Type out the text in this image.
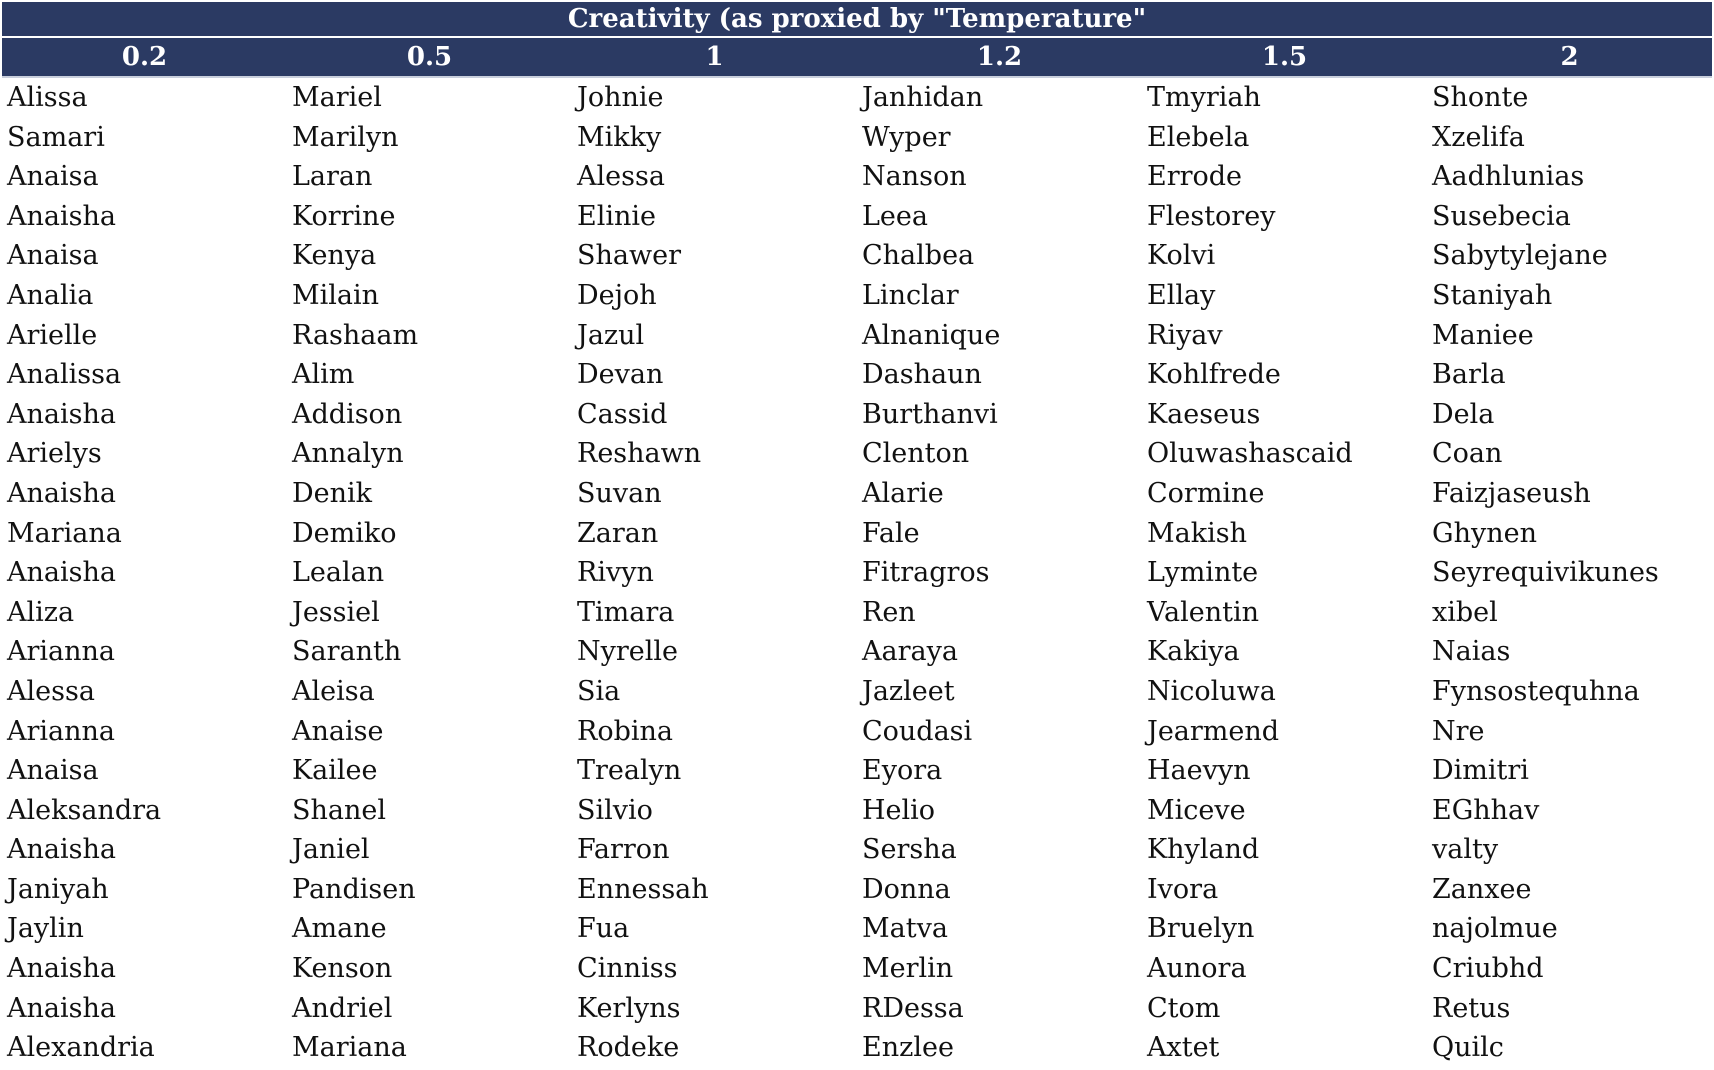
Creativity (as proxied by "Temperature"
0.2	0.5	1	1.2	1.5	2
Alissa	Mariel	Johnie	Janhidan	Tmyriah	Shonte
Samari	Marilyn	Mikky	Wyper	Elebela	Xzelifa
Anaisa	Laran	Alessa	Nanson	Errode	Aadhlunias
Anaisha	Korrine	Elinie	Leea	Flestorey	Susebecia
Anaisa	Kenya	Shawer	Chalbea	Kolvi	Sabytylejane
Analia	Milain	Dejoh	Linclar	Ellay	Staniyah
Arielle	Rashaam	Jazul	Alnanique	Riyav	Maniee
Analissa	Alim	Devan	Dashaun	Kohlfrede	Barla
Anaisha	Addison	Cassid	Burthanvi	Kaeseus	Dela
Arielys	Annalyn	Reshawn	Clenton	Oluwashascaid	Coan
Anaisha	Denik	Suvan	Alarie	Cormine	Faizjaseush
Mariana	Demiko	Zaran	Fale	Makish	Ghynen
Anaisha	Lealan	Rivyn	Fitragros	Lyminte	Seyrequivikunes
Aliza	Jessiel	Timara	Ren	Valentin	xibel
Arianna	Saranth	Nyrelle	Aaraya	Kakiya	Naias
Alessa	Aleisa	Sia	Jazleet	Nicoluwa	Fynsostequhna
Arianna	Anaise	Robina	Coudasi	Jearmend	Nre
Anaisa	Kailee	Trealyn	Eyora	Haevyn	Dimitri
Aleksandra	Shanel	Silvio	Helio	Miceve	EGhhav
Anaisha	Janiel	Farron	Sersha	Khyland	valty
Janiyah	Pandisen	Ennessah	Donna	Ivora	Zanxee
Jaylin	Amane	Fua	Matva	Bruelyn	najolmue
Anaisha	Kenson	Cinniss	Merlin	Aunora	Criubhd
Anaisha	Andriel	Kerlyns	RDessa	Ctom	Retus
Alexandria	Mariana	Rodeke	Enzlee	Axtet	Quilc
